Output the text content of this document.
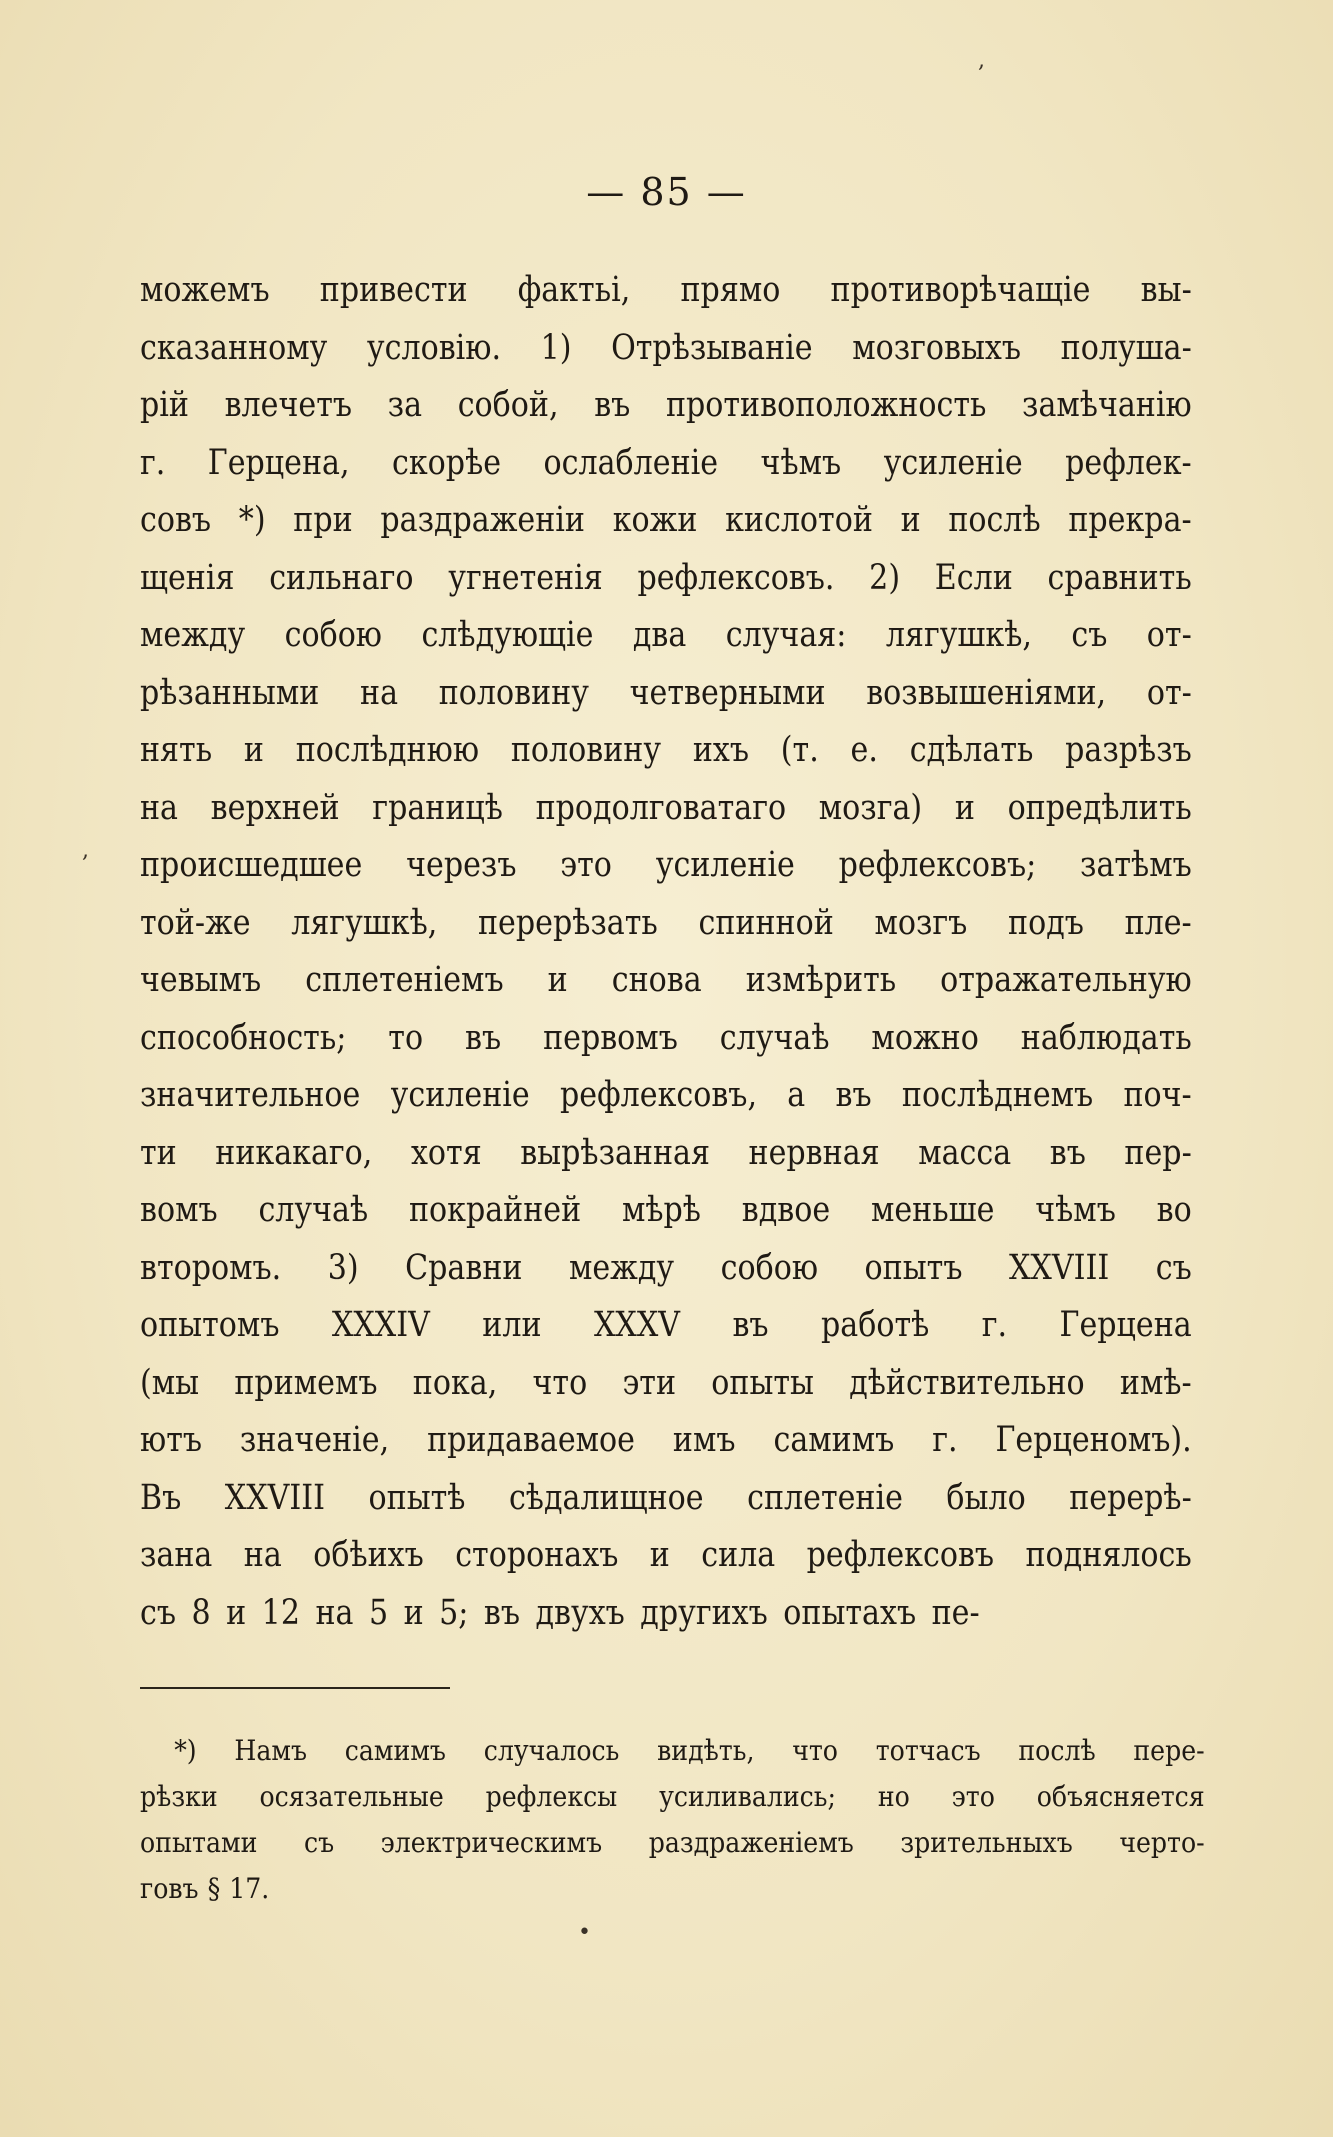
— 85 —
можемъ привести фактьі, прямо противорѣчащіе вы-
сказанному условію. 1) Отрѣзываніе мозговыхъ полуша-
рій влечетъ за собой, въ противоположность замѣчанію
г. Герцена, скорѣе ослабленіе чѣмъ усиленіе рефлек-
совъ *) при раздраженіи кожи кислотой и послѣ прекра-
щенія сильнаго угнетенія рефлексовъ. 2) Если сравнить
между собою слѣдующіе два случая: лягушкѣ, съ от-
рѣзанными на половину четверными возвышеніями, от-
нять и послѣднюю половину ихъ (т. е. сдѣлать разрѣзъ
на верхней границѣ продолговатаго мозга) и опредѣлить
происшедшее черезъ это усиленіе рефлексовъ; затѣмъ
той-же лягушкѣ, перерѣзать спинной мозгъ подъ пле-
чевымъ сплетеніемъ и снова измѣрить отражательную
способность; то въ первомъ случаѣ можно наблюдать
значительное усиленіе рефлексовъ, а въ послѣднемъ поч-
ти никакаго, хотя вырѣзанная нервная масса въ пер-
вомъ случаѣ покрайней мѣрѣ вдвое меньше чѣмъ во
второмъ. 3) Сравни между собою опытъ XXVIII съ
опытомъ XXXIV или XXXV въ работѣ г. Герцена
(мы примемъ пока, что эти опыты дѣйствительно имѣ-
ютъ значеніе, придаваемое имъ самимъ г. Герценомъ).
Въ XXVIII опытѣ сѣдалищное сплетеніе было перерѣ-
зана на обѣихъ сторонахъ и сила рефлексовъ поднялось
съ 8 и 12 на 5 и 5; въ двухъ другихъ опытахъ пе-
*) Намъ самимъ случалось видѣть, что тотчасъ послѣ пере-
рѣзки осязательные рефлексы усиливались; но это объясняется
опытами съ электрическимъ раздраженіемъ зрительныхъ черто-
говъ § 17.
,
,
•
